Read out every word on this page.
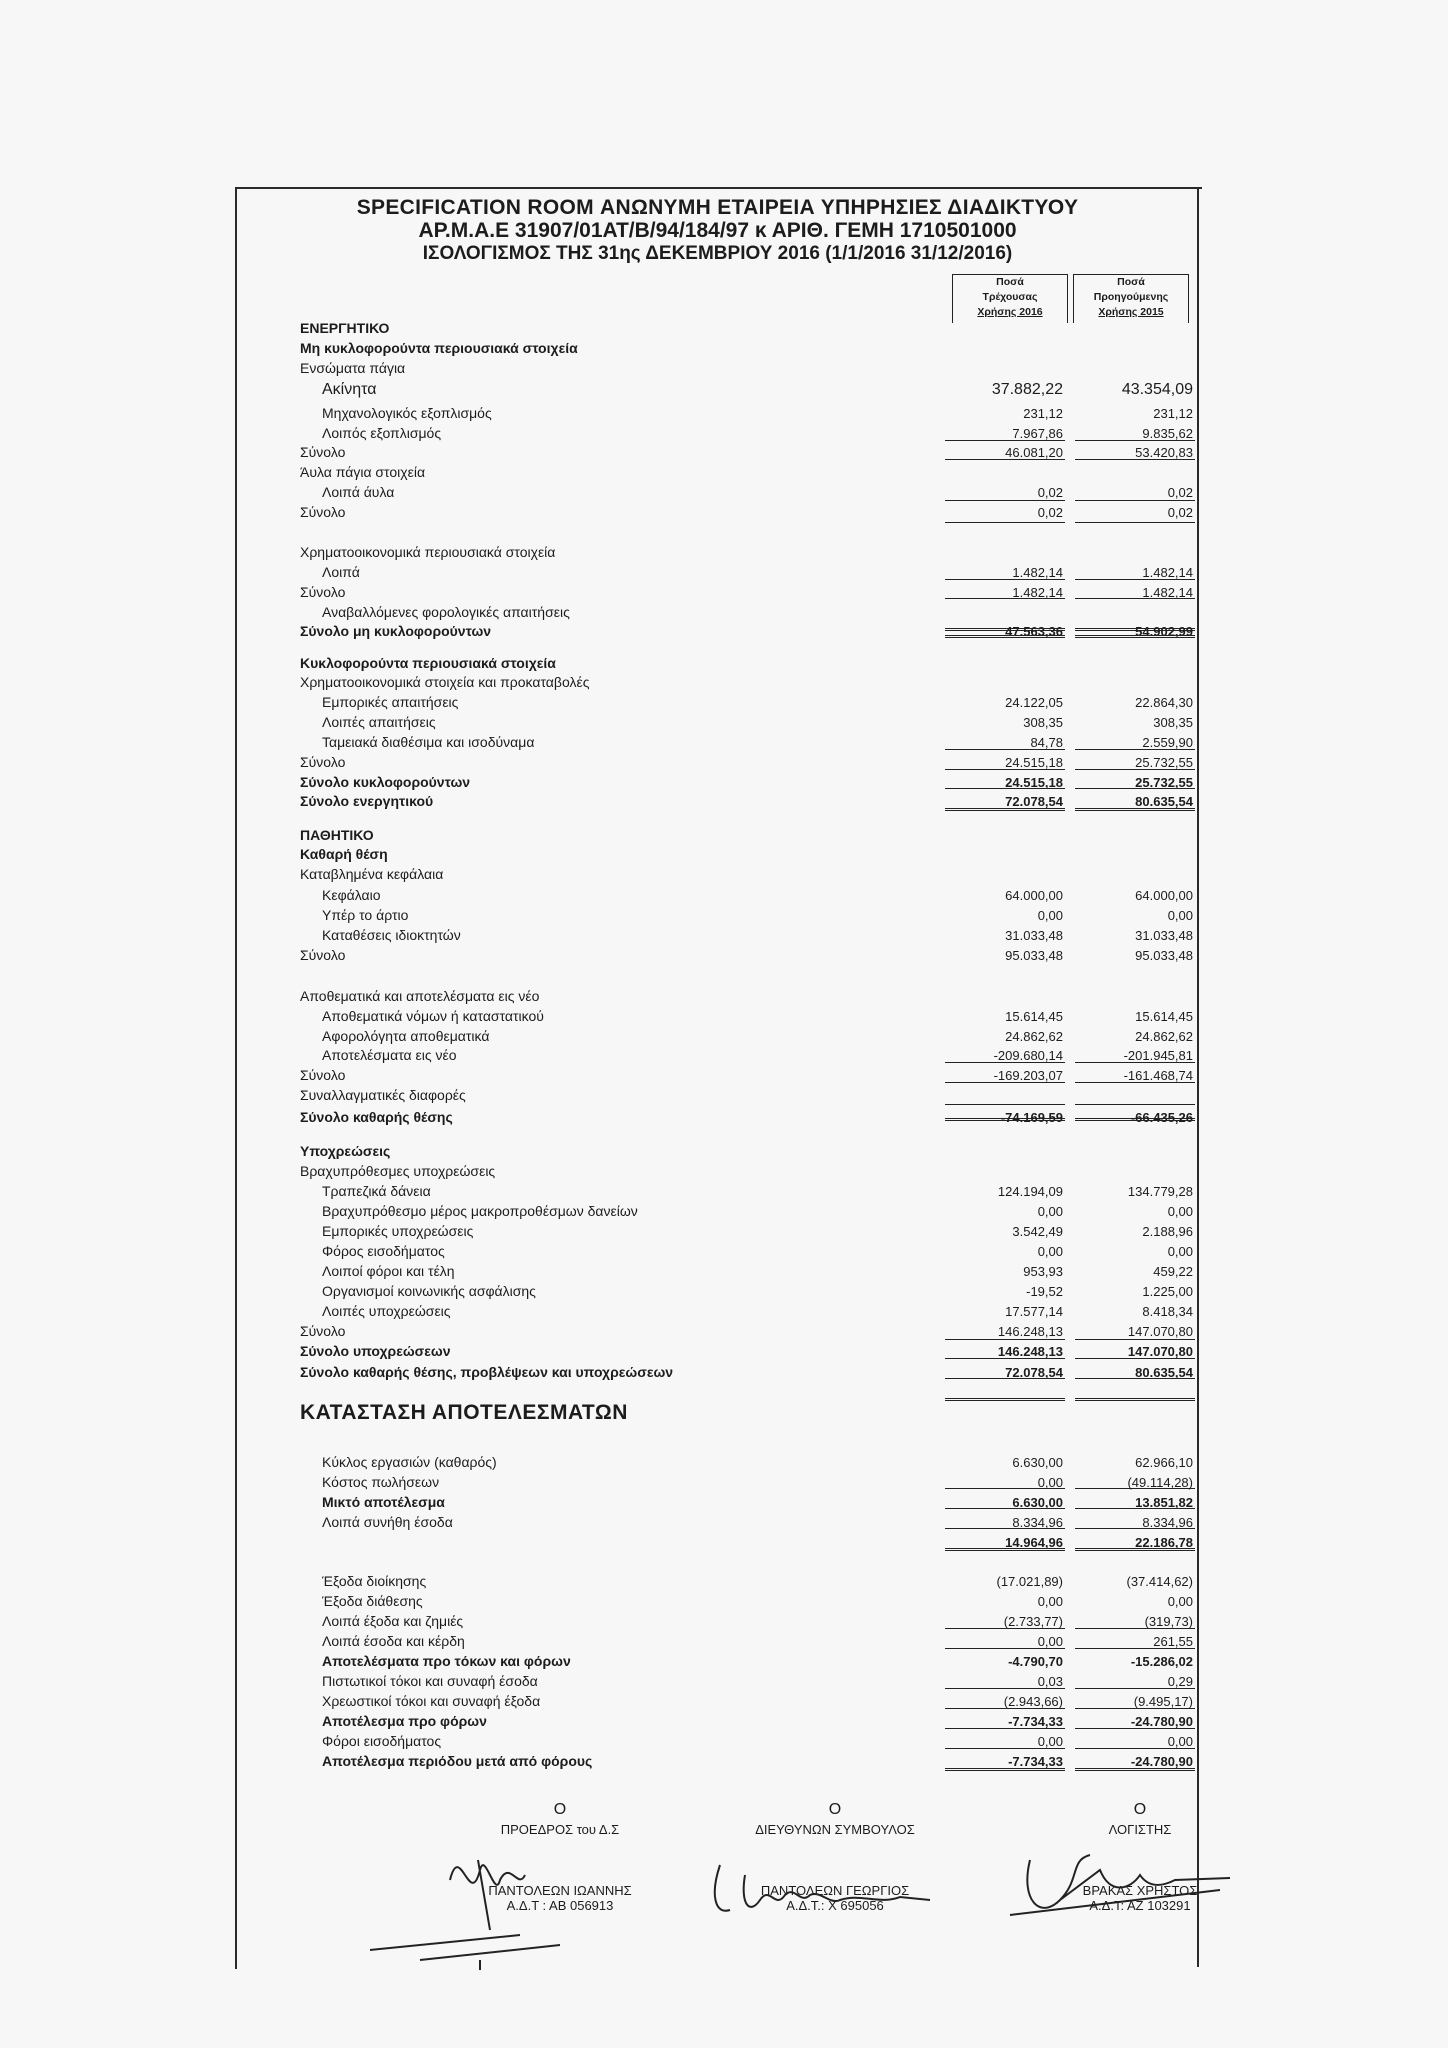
SPECIFICATION ROOM ΑΝΩΝΥΜΗ ΕΤΑΙΡΕΙΑ ΥΠΗΡΗΣΙΕΣ ΔΙΑΔΙΚΤΥΟΥ
ΑΡ.Μ.Α.Ε 31907/01ΑΤ/Β/94/184/97 κ ΑΡΙΘ. ΓΕΜΗ 1710501000
ΙΣΟΛΟΓΙΣΜΟΣ ΤΗΣ 31ης ΔΕΚΕΜΒΡΙΟΥ 2016 (1/1/2016 31/12/2016)
Ποσά
Τρέχουσας
Χρήσης 2016
Ποσά
Προηγούμενης
Χρήσης 2015
ΕΝΕΡΓΗΤΙΚΟ
Μη κυκλοφορούντα περιουσιακά στοιχεία
Ενσώματα πάγια
Ακίνητα	37.882,22	43.354,09
Μηχανολογικός εξοπλισμός	231,12	231,12
Λοιπός εξοπλισμός	7.967,86	9.835,62
Σύνολο	46.081,20	53.420,83
Άυλα πάγια στοιχεία
Λοιπά άυλα	0,02	0,02
Σύνολο	0,02	0,02
Χρηματοοικονομικά περιουσιακά στοιχεία
Λοιπά	1.482,14	1.482,14
Σύνολο	1.482,14	1.482,14
Αναβαλλόμενες φορολογικές απαιτήσεις
Σύνολο μη κυκλοφορούντων	47.563,36	54.902,99
Κυκλοφορούντα περιουσιακά στοιχεία
Χρηματοοικονομικά στοιχεία και προκαταβολές
Εμπορικές απαιτήσεις	24.122,05	22.864,30
Λοιπές απαιτήσεις	308,35	308,35
Ταμειακά διαθέσιμα και ισοδύναμα	84,78	2.559,90
Σύνολο	24.515,18	25.732,55
Σύνολο κυκλοφορούντων	24.515,18	25.732,55
Σύνολο ενεργητικού	72.078,54	80.635,54
ΠΑΘΗΤΙΚΟ
Καθαρή θέση
Καταβλημένα κεφάλαια
Κεφάλαιο	64.000,00	64.000,00
Υπέρ το άρτιο	0,00	0,00
Καταθέσεις ιδιοκτητών	31.033,48	31.033,48
Σύνολο	95.033,48	95.033,48
Αποθεματικά και αποτελέσματα εις νέο
Αποθεματικά νόμων ή καταστατικού	15.614,45	15.614,45
Αφορολόγητα αποθεματικά	24.862,62	24.862,62
Αποτελέσματα εις νέο	-209.680,14	-201.945,81
Σύνολο	-169.203,07	-161.468,74
Συναλλαγματικές διαφορές
Σύνολο καθαρής θέσης	-74.169,59	-66.435,26
Υποχρεώσεις
Βραχυπρόθεσμες υποχρεώσεις
Τραπεζικά δάνεια	124.194,09	134.779,28
Βραχυπρόθεσμο μέρος μακροπροθέσμων δανείων	0,00	0,00
Εμπορικές υποχρεώσεις	3.542,49	2.188,96
Φόρος εισοδήματος	0,00	0,00
Λοιποί φόροι και τέλη	953,93	459,22
Οργανισμοί κοινωνικής ασφάλισης	-19,52	1.225,00
Λοιπές υποχρεώσεις	17.577,14	8.418,34
Σύνολο	146.248,13	147.070,80
Σύνολο υποχρεώσεων	146.248,13	147.070,80
Σύνολο καθαρής θέσης, προβλέψεων και υποχρεώσεων	72.078,54	80.635,54
ΚΑΤΑΣΤΑΣΗ ΑΠΟΤΕΛΕΣΜΑΤΩΝ
Κύκλος εργασιών (καθαρός)	6.630,00	62.966,10
Κόστος πωλήσεων	0,00	(49.114,28)
Μικτό αποτέλεσμα	6.630,00	13.851,82
Λοιπά συνήθη έσοδα	8.334,96	8.334,96
14.964,96	22.186,78
Έξοδα διοίκησης	(17.021,89)	(37.414,62)
Έξοδα διάθεσης	0,00	0,00
Λοιπά έξοδα και ζημιές	(2.733,77)	(319,73)
Λοιπά έσοδα και κέρδη	0,00	261,55
Αποτελέσματα προ τόκων και φόρων	-4.790,70	-15.286,02
Πιστωτικοί τόκοι και συναφή έσοδα	0,03	0,29
Χρεωστικοί τόκοι και συναφή έξοδα	(2.943,66)	(9.495,17)
Αποτέλεσμα προ φόρων	-7.734,33	-24.780,90
Φόροι εισοδήματος	0,00	0,00
Αποτέλεσμα περιόδου μετά από φόρους	-7.734,33	-24.780,90
Ο
ΠΡΟΕΔΡΟΣ του Δ.Σ
ΠΑΝΤΟΛΕΩΝ ΙΩΑΝΝΗΣ
Α.Δ.Τ : ΑΒ 056913
Ο
ΔΙΕΥΘΥΝΩΝ ΣΥΜΒΟΥΛΟΣ
ΠΑΝΤΟΛΕΩΝ ΓΕΩΡΓΙΟΣ
Α.Δ.Τ.: Χ 695056
Ο
ΛΟΓΙΣΤΗΣ
ΒΡΑΚΑΣ ΧΡΗΣΤΟΣ
Α.Δ.Τ: ΑΖ 103291
